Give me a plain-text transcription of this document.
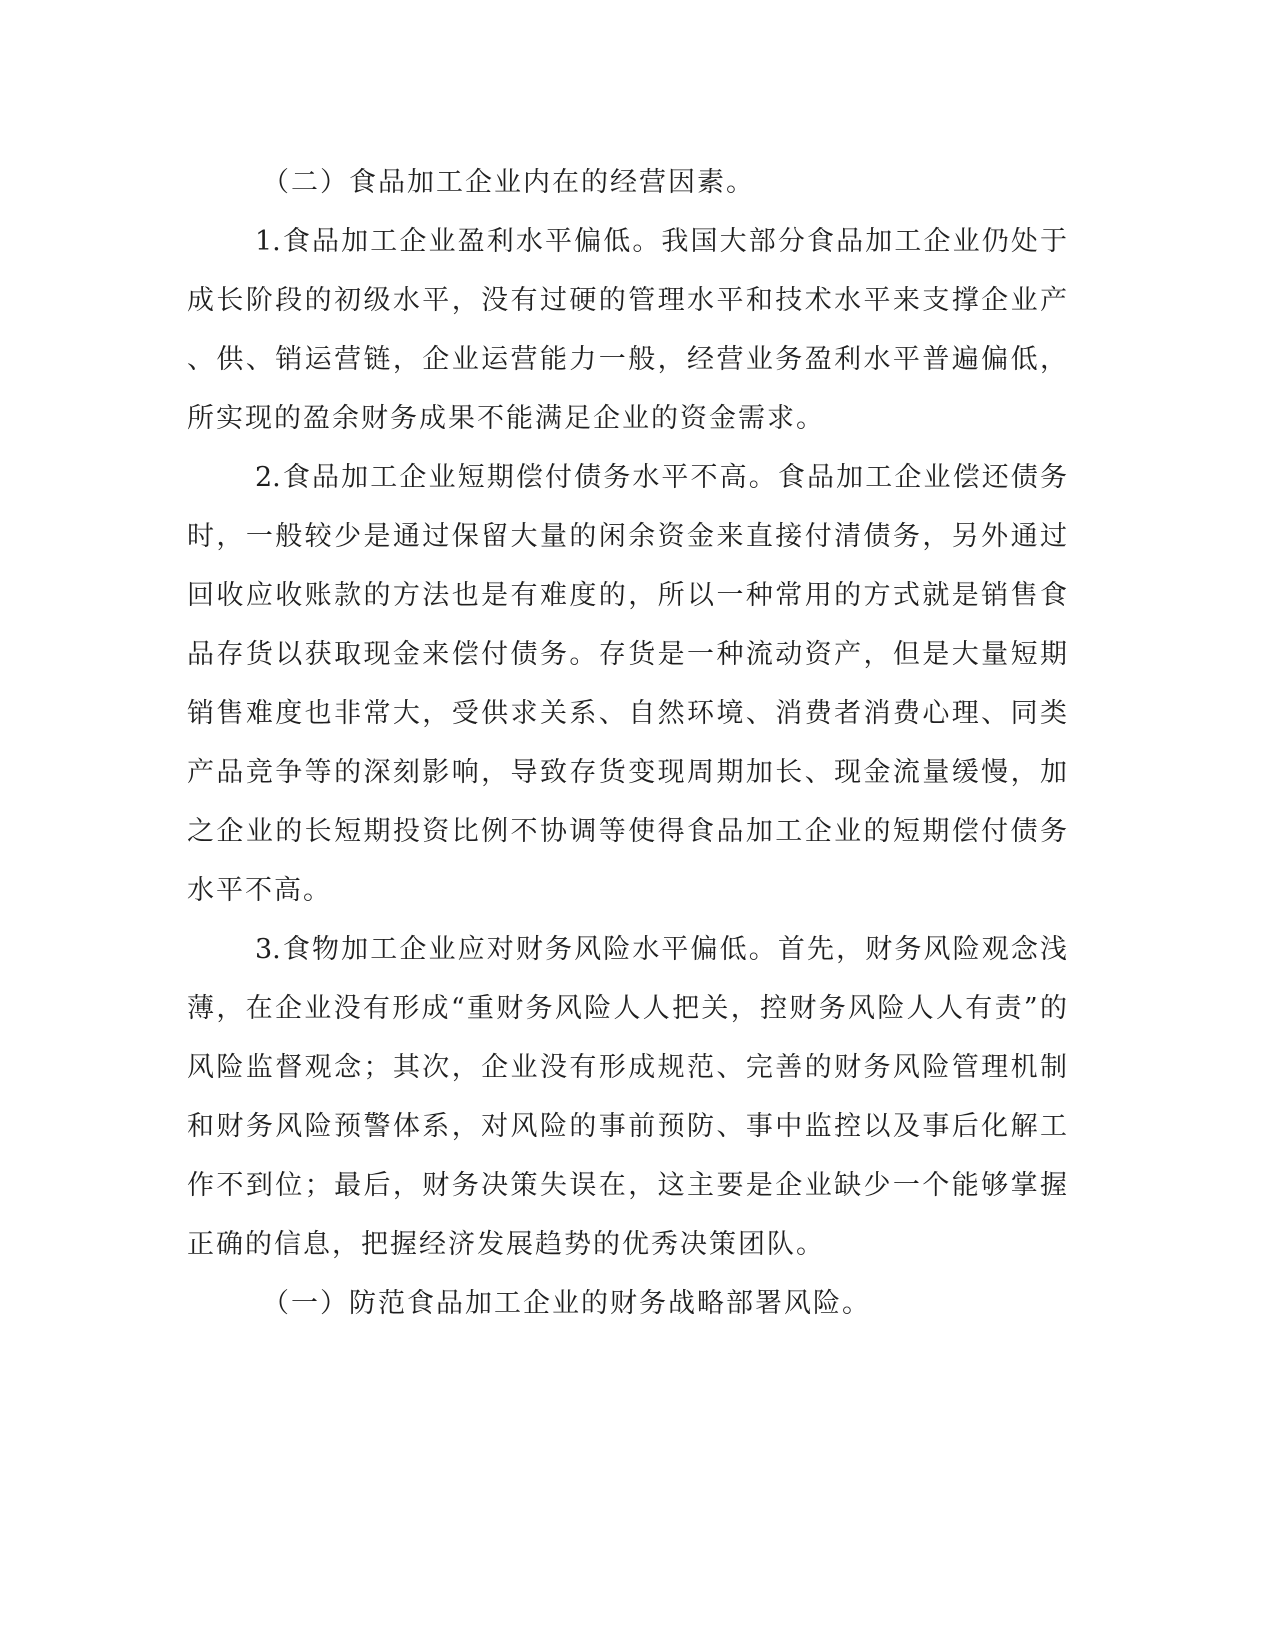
（二）食品加工企业内在的经营因素。
1.食品加工企业盈利水平偏低。我国大部分食品加工企业仍处于
成长阶段的初级水平，没有过硬的管理水平和技术水平来支撑企业产
、供、销运营链，企业运营能力一般，经营业务盈利水平普遍偏低，
所实现的盈余财务成果不能满足企业的资金需求。
2.食品加工企业短期偿付债务水平不高。食品加工企业偿还债务
时，一般较少是通过保留大量的闲余资金来直接付清债务，另外通过
回收应收账款的方法也是有难度的，所以一种常用的方式就是销售食
品存货以获取现金来偿付债务。存货是一种流动资产，但是大量短期
销售难度也非常大，受供求关系、自然环境、消费者消费心理、同类
产品竞争等的深刻影响，导致存货变现周期加长、现金流量缓慢，加
之企业的长短期投资比例不协调等使得食品加工企业的短期偿付债务
水平不高。
3.食物加工企业应对财务风险水平偏低。首先，财务风险观念浅
薄，在企业没有形成“重财务风险人人把关，控财务风险人人有责”的
风险监督观念；其次，企业没有形成规范、完善的财务风险管理机制
和财务风险预警体系，对风险的事前预防、事中监控以及事后化解工
作不到位；最后，财务决策失误在，这主要是企业缺少一个能够掌握
正确的信息，把握经济发展趋势的优秀决策团队。
（一）防范食品加工企业的财务战略部署风险。
